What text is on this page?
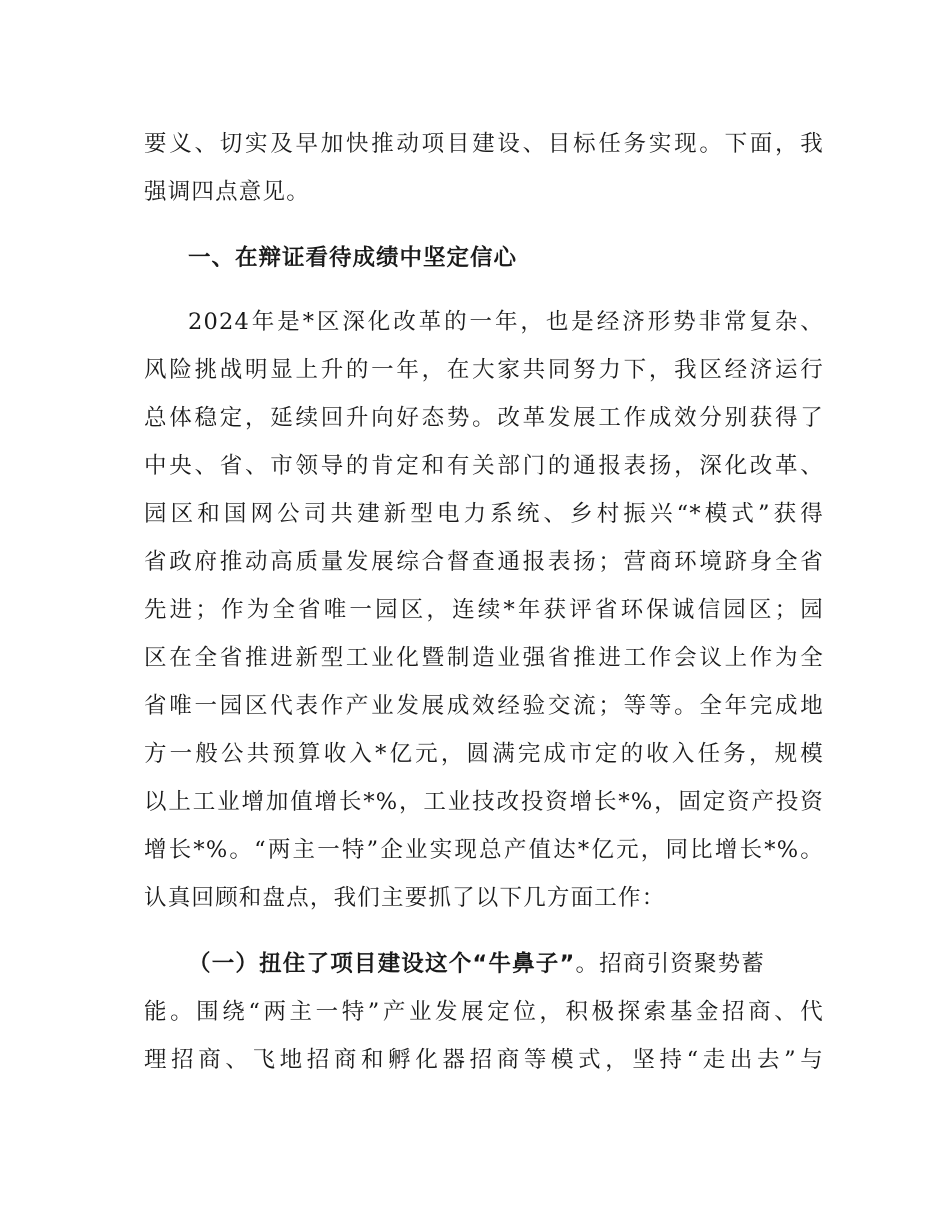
要义、切实及早加快推动项目建设、目标任务实现。下面，我
强调四点意见。
一、在辩证看待成绩中坚定信心
2024年是*区深化改革的一年，也是经济形势非常复杂、
风险挑战明显上升的一年，在大家共同努力下，我区经济运行
总体稳定，延续回升向好态势。改革发展工作成效分别获得了
中央、省、市领导的肯定和有关部门的通报表扬，深化改革、
园区和国网公司共建新型电力系统、乡村振兴“*模式”获得
省政府推动高质量发展综合督查通报表扬；营商环境跻身全省
先进；作为全省唯一园区，连续*年获评省环保诚信园区；园
区在全省推进新型工业化暨制造业强省推进工作会议上作为全
省唯一园区代表作产业发展成效经验交流；等等。全年完成地
方一般公共预算收入*亿元，圆满完成市定的收入任务，规模
以上工业增加值增长*%，工业技改投资增长*%，固定资产投资
增长*%。“两主一特”企业实现总产值达*亿元，同比增长*%。
认真回顾和盘点，我们主要抓了以下几方面工作：
（一）扭住了项目建设这个“牛鼻子”。招商引资聚势蓄
能。围绕“两主一特”产业发展定位，积极探索基金招商、代
理招商、飞地招商和孵化器招商等模式，坚持“走出去”与
